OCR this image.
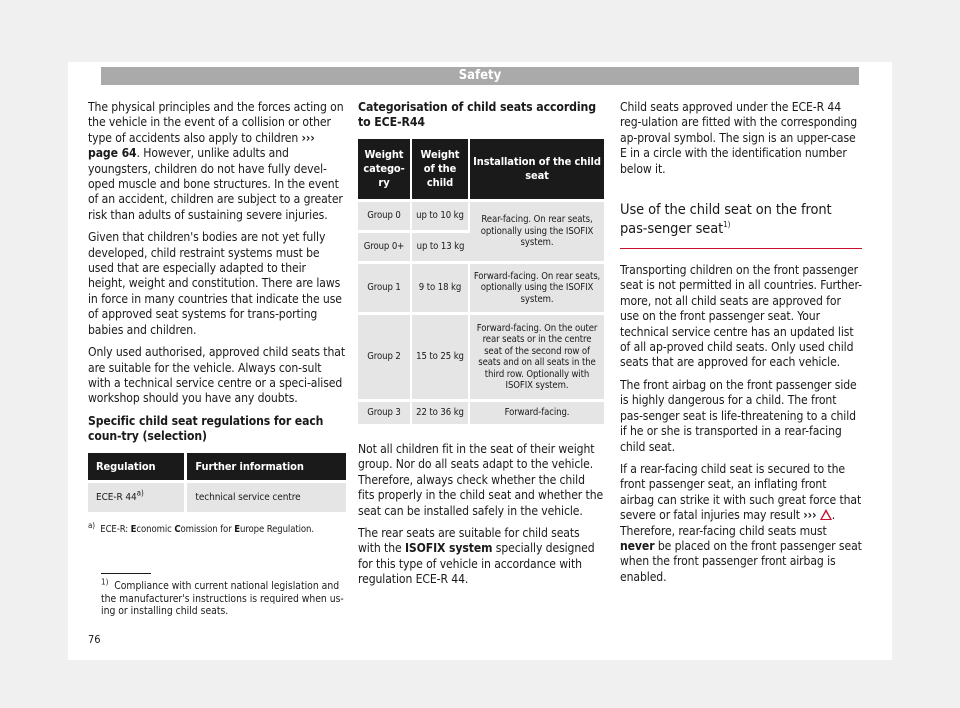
Safety

The physical principles and the forces acting on the vehicle in the event of a collision or other type of accidents also apply to children ››› page 64. However, unlike adults and youngsters, children do not have fully devel-oped muscle and bone structures. In the event of an accident, children are subject to a greater risk than adults of sustaining severe injuries.

Given that children's bodies are not yet fully developed, child restraint systems must be used that are especially adapted to their height, weight and constitution. There are laws in force in many countries that indicate the use of approved seat systems for trans-porting babies and children.

Only used authorised, approved child seats that are suitable for the vehicle. Always con-sult with a technical service centre or a speci-alised workshop should you have any doubts.

Specific child seat regulations for each coun-try (selection)

Regulation	Further information
ECE-R 44$^{a)}$	technical service centre
$^{a)}$ ECE-R: Economic Comission for Europe Regulation.
Categorisation of child seats according to ECE-R44
Weight catego-ry	Weight of the child	Installation of the child seat
Group 0	up to 10 kg	Rear-facing. On rear seats, optionally using the ISOFIX system.
Group 0+	up to 13 kg	
Group 1	9 to 18 kg	Forward-facing. On rear seats, optionally using the ISOFIX system.
Group 2	15 to 25 kg	Forward-facing. On the outer rear seats or in the centre seat of the second row of seats and on all seats in the third row. Optionally with ISOFIX system.
Group 3	22 to 36 kg	Forward-facing.

Not all children fit in the seat of their weight group. Nor do all seats adapt to the vehicle. Therefore, always check whether the child fits properly in the child seat and whether the seat can be installed safely in the vehicle.

The rear seats are suitable for child seats with the ISOFIX system specially designed for this type of vehicle in accordance with regulation ECE-R 44.

Child seats approved under the ECE-R 44 reg-ulation are fitted with the corresponding ap-proval symbol. The sign is an upper-case E in a circle with the identification number below it.

Use of the child seat on the front pas-senger seat$^{1)}$

Transporting children on the front passenger seat is not permitted in all countries. Further-more, not all child seats are approved for use on the front passenger seat. Your technical service centre has an updated list of all ap-proved child seats. Only used child seats that are approved for each vehicle.

The front airbag on the front passenger side is highly dangerous for a child. The front pas-senger seat is life-threatening to a child if he or she is transported in a rear-facing child seat.

If a rear-facing child seat is secured to the front passenger seat, an inflating front airbag can strike it with such great force that severe or fatal injuries may result ››› . Therefore, rear-facing child seats must never be placed on the front passenger seat when the front passenger front airbag is enabled.

$^{1)}$ Compliance with current national legislation and the manufacturer's instructions is required when us-ing or installing child seats.
76
